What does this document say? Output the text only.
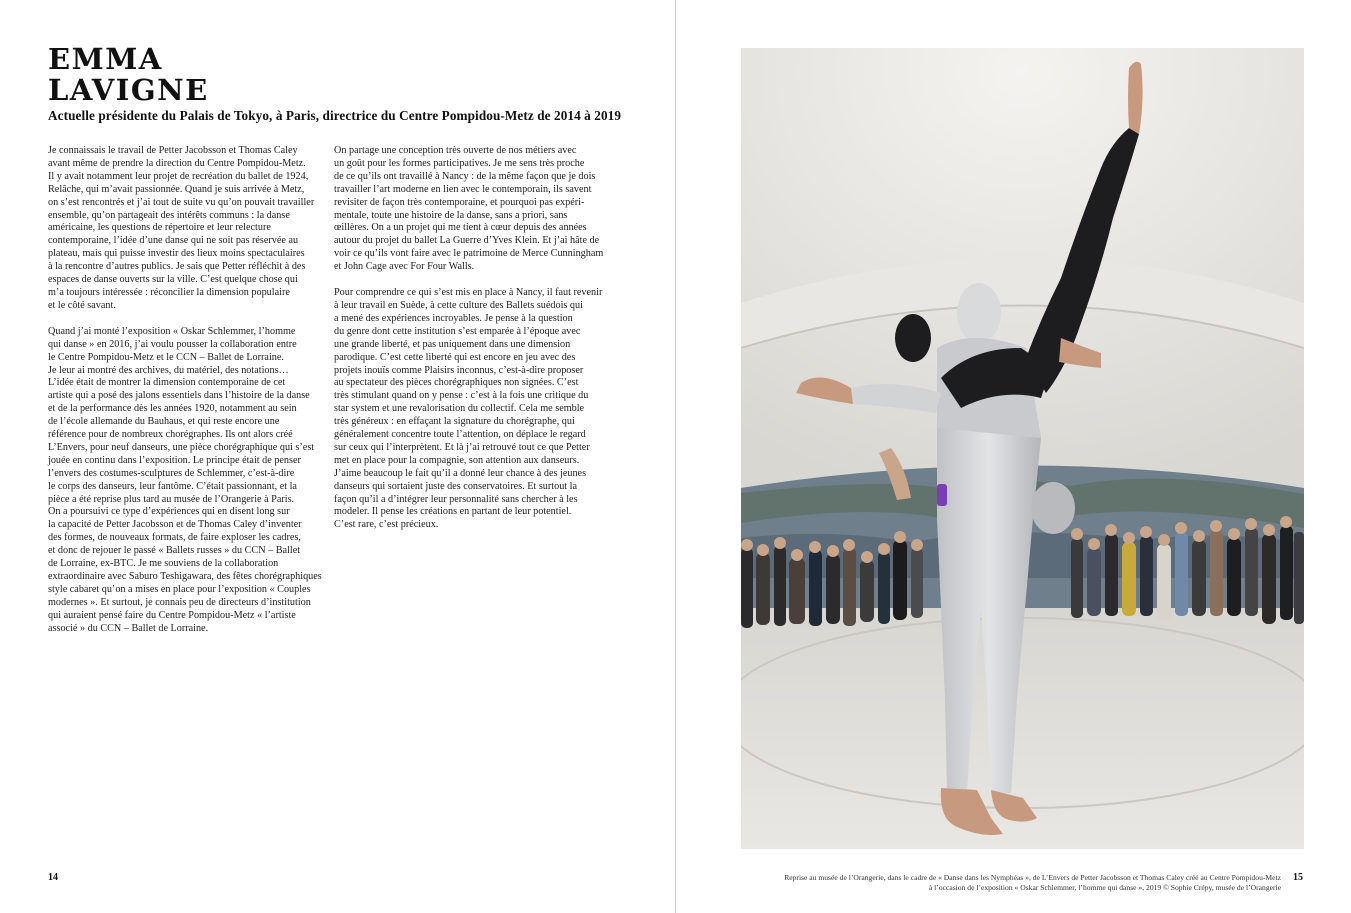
EMMA
LAVIGNE

Actuelle présidente du Palais de Tokyo, à Paris, directrice du Centre Pompidou-Metz de 2014 à 2019

Je connaissais le travail de Petter Jacobsson et Thomas Caley
avant même de prendre la direction du Centre Pompidou-Metz.
Il y avait notamment leur projet de recréation du ballet de 1924,
Relâche, qui m’avait passionnée. Quand je suis arrivée à Metz,
on s’est rencontrés et j’ai tout de suite vu qu’on pouvait travailler
ensemble, qu’on partageait des intérêts communs : la danse
américaine, les questions de répertoire et leur relecture
contemporaine, l’idée d’une danse qui ne soit pas réservée au
plateau, mais qui puisse investir des lieux moins spectaculaires
à la rencontre d’autres publics. Je sais que Petter réfléchit à des
espaces de danse ouverts sur la ville. C’est quelque chose qui
m’a toujours intéressée : réconcilier la dimension populaire
et le côté savant.

Quand j’ai monté l’exposition « Oskar Schlemmer, l’homme
qui danse » en 2016, j’ai voulu pousser la collaboration entre
le Centre Pompidou-Metz et le CCN – Ballet de Lorraine.
Je leur ai montré des archives, du matériel, des notations…
L’idée était de montrer la dimension contemporaine de cet
artiste qui a posé des jalons essentiels dans l’histoire de la danse
et de la performance dès les années 1920, notamment au sein
de l’école allemande du Bauhaus, et qui reste encore une
référence pour de nombreux chorégraphes. Ils ont alors créé
L’Envers, pour neuf danseurs, une pièce chorégraphique qui s’est
jouée en continu dans l’exposition. Le principe était de penser
l’envers des costumes-sculptures de Schlemmer, c’est-à-dire
le corps des danseurs, leur fantôme. C’était passionnant, et la
pièce a été reprise plus tard au musée de l’Orangerie à Paris.
On a poursuivi ce type d’expériences qui en disent long sur
la capacité de Petter Jacobsson et de Thomas Caley d’inventer
des formes, de nouveaux formats, de faire exploser les cadres,
et donc de rejouer le passé « Ballets russes » du CCN – Ballet
de Lorraine, ex-BTC. Je me souviens de la collaboration
extraordinaire avec Saburo Teshigawara, des fêtes chorégraphiques
style cabaret qu’on a mises en place pour l’exposition « Couples
modernes ». Et surtout, je connais peu de directeurs d’institution
qui auraient pensé faire du Centre Pompidou-Metz « l’artiste
associé » du CCN – Ballet de Lorraine.

On partage une conception très ouverte de nos métiers avec
un goût pour les formes participatives. Je me sens très proche
de ce qu’ils ont travaillé à Nancy : de la même façon que je dois
travailler l’art moderne en lien avec le contemporain, ils savent
revisiter de façon très contemporaine, et pourquoi pas expéri-
mentale, toute une histoire de la danse, sans a priori, sans
œillères. On a un projet qui me tient à cœur depuis des années
autour du projet du ballet La Guerre d’Yves Klein. Et j’ai hâte de
voir ce qu’ils vont faire avec le patrimoine de Merce Cunningham
et John Cage avec For Four Walls.

Pour comprendre ce qui s’est mis en place à Nancy, il faut revenir
à leur travail en Suède, à cette culture des Ballets suédois qui
a mené des expériences incroyables. Je pense à la question
du genre dont cette institution s’est emparée à l’époque avec
une grande liberté, et pas uniquement dans une dimension
parodique. C’est cette liberté qui est encore en jeu avec des
projets inouïs comme Plaisirs inconnus, c’est-à-dire proposer
au spectateur des pièces chorégraphiques non signées. C’est
très stimulant quand on y pense : c’est à la fois une critique du
star system et une revalorisation du collectif. Cela me semble
très généreux : en effaçant la signature du chorégraphe, qui
généralement concentre toute l’attention, on déplace le regard
sur ceux qui l’interprètent. Et là j’ai retrouvé tout ce que Petter
met en place pour la compagnie, son attention aux danseurs.
J’aime beaucoup le fait qu’il a donné leur chance à des jeunes
danseurs qui sortaient juste des conservatoires. Et surtout la
façon qu’il a d’intégrer leur personnalité sans chercher à les
modeler. Il pense les créations en partant de leur potentiel.
C’est rare, c’est précieux.

14	Reprise au musée de l’Orangerie, dans le cadre de « Danse dans les Nymphéas », de L’Envers de Petter Jacobsson et Thomas Caley créé au Centre Pompidou-Metz
à l’occasion de l’exposition « Oskar Schlemmer, l’homme qui danse », 2019 © Sophie Crépy, musée de l’Orangerie
15
